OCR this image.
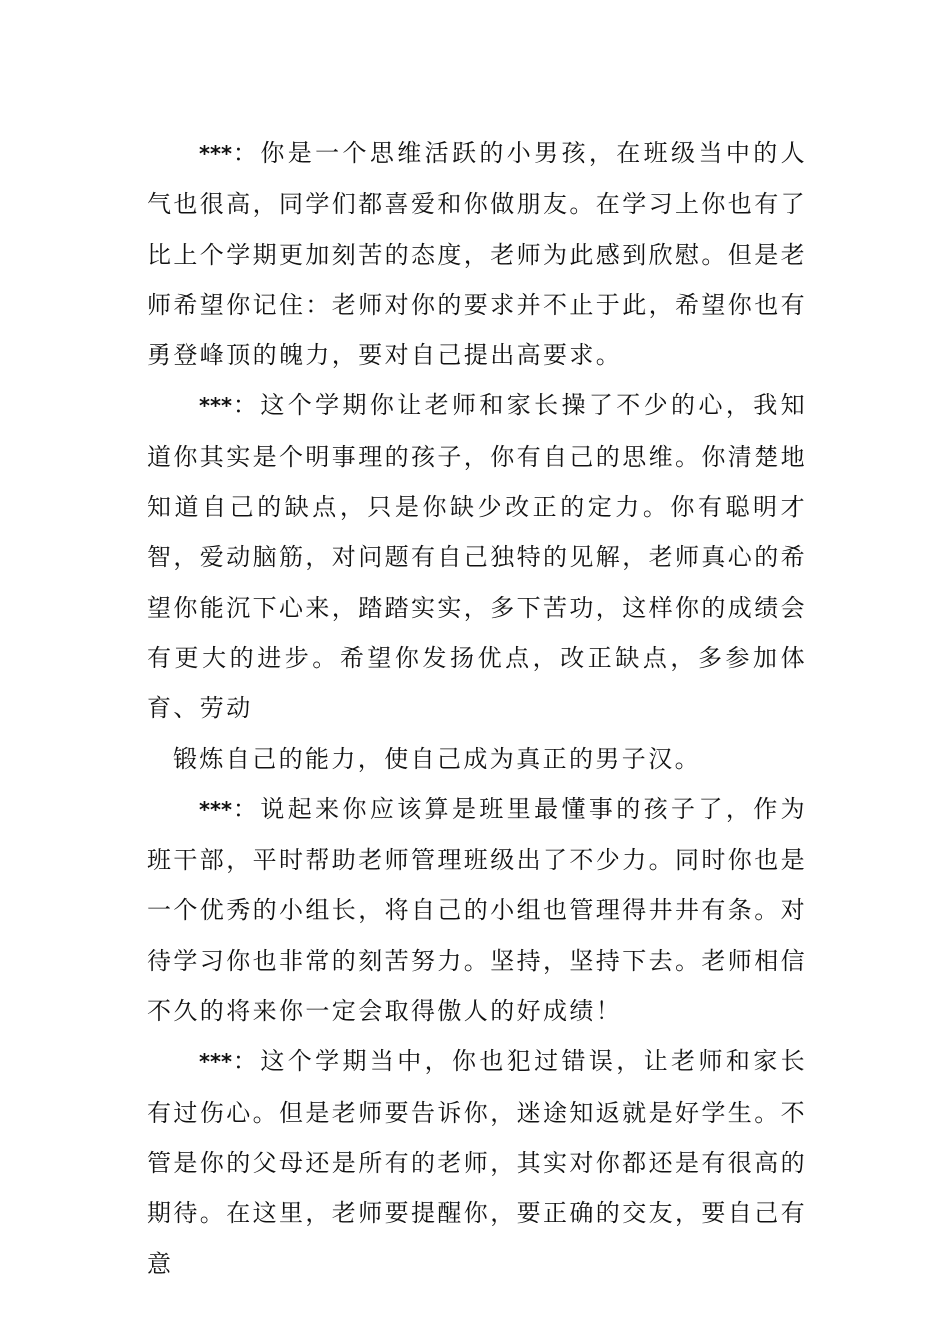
***：你是一个思维活跃的小男孩，在班级当中的人气也很高，同学们都喜爱和你做朋友。在学习上你也有了比上个学期更加刻苦的态度，老师为此感到欣慰。但是老师希望你记住：老师对你的要求并不止于此，希望你也有勇登峰顶的魄力，要对自己提出高要求。

***：这个学期你让老师和家长操了不少的心，我知道你其实是个明事理的孩子，你有自己的思维。你清楚地知道自己的缺点，只是你缺少改正的定力。你有聪明才智，爱动脑筋，对问题有自己独特的见解，老师真心的希望你能沉下心来，踏踏实实，多下苦功，这样你的成绩会有更大的进步。希望你发扬优点，改正缺点，多参加体育、劳动

锻炼自己的能力，使自己成为真正的男子汉。

***：说起来你应该算是班里最懂事的孩子了，作为班干部，平时帮助老师管理班级出了不少力。同时你也是一个优秀的小组长，将自己的小组也管理得井井有条。对待学习你也非常的刻苦努力。坚持，坚持下去。老师相信不久的将来你一定会取得傲人的好成绩！

***：这个学期当中，你也犯过错误，让老师和家长有过伤心。但是老师要告诉你，迷途知返就是好学生。不管是你的父母还是所有的老师，其实对你都还是有很高的期待。在这里，老师要提醒你，要正确的交友，要自己有意
